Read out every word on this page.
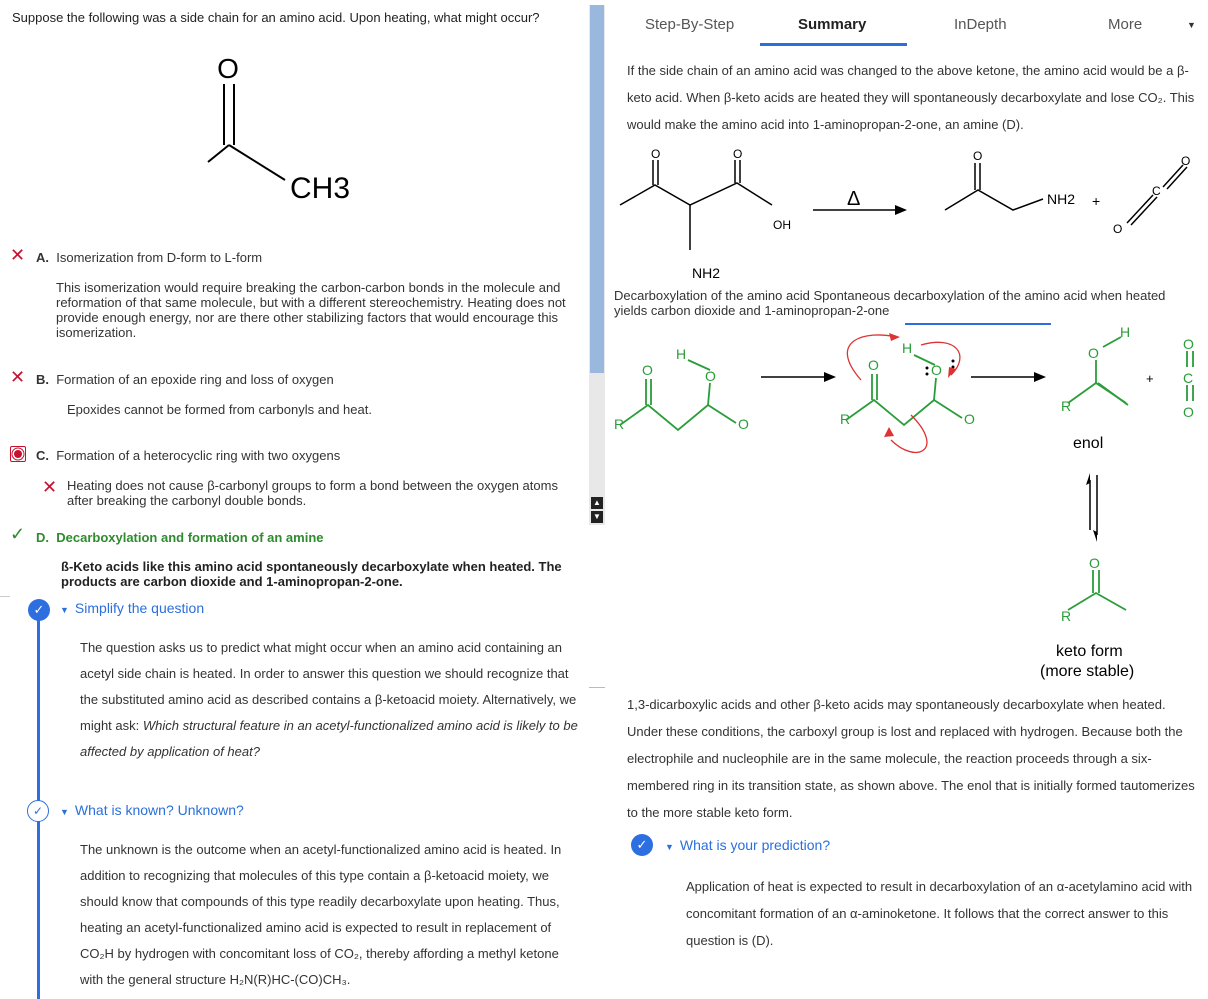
Suppose the following was a side chain for an amino acid. Upon heating, what might occur?
O
CH3
✕ A. Isomerization from D-form to L-form
This isomerization would require breaking the carbon-carbon bonds in the molecule and reformation of that same molecule, but with a different stereochemistry. Heating does not provide enough energy, nor are there other stabilizing factors that would encourage this isomerization.
✕ B. Formation of an epoxide ring and loss of oxygen
Epoxides cannot be formed from carbonyls and heat.
C. Formation of a heterocyclic ring with two oxygens
✕ Heating does not cause β-carbonyl groups to form a bond between the oxygen atoms after breaking the carbonyl double bonds.
✓ D. Decarboxylation and formation of an amine
ß-Keto acids like this amino acid spontaneously decarboxylate when heated. The products are carbon dioxide and 1-aminopropan-2-one.
✓	▼ Simplify the question
The question asks us to predict what might occur when an amino acid containing an acetyl side chain is heated. In order to answer this question we should recognize that the substituted amino acid as described contains a β-ketoacid moiety. Alternatively, we might ask: Which structural feature in an acetyl-functionalized amino acid is likely to be affected by application of heat?
✓	▼ What is known? Unknown?
The unknown is the outcome when an acetyl-functionalized amino acid is heated. In addition to recognizing that molecules of this type contain a β-ketoacid moiety, we should know that compounds of this type readily decarboxylate upon heating. Thus, heating an acetyl-functionalized amino acid is expected to result in replacement of CO₂H by hydrogen with concomitant loss of CO₂, thereby affording a methyl ketone with the general structure H₂N(R)HC-(CO)CH₃.
▲
▼
Step-By-Step	Summary	InDepth	More	▼
If the side chain of an amino acid was changed to the above ketone, the amino acid would be a β-keto acid. When β-keto acids are heated they will spontaneously decarboxylate and lose CO₂. This would make the amino acid into 1-aminopropan-2-one, an amine (D).
O	O
OH
NH2
Δ
O
NH2 +
O
C
O
Decarboxylation of the amino acid Spontaneous decarboxylation of the amino acid when heated yields carbon dioxide and 1-aminopropan-2-one
R
O	O
O
H
R
O	O
O
H
R
O
H
+
enol
O
C
O
R
O
keto form
(more stable)
1,3-dicarboxylic acids and other β-keto acids may spontaneously decarboxylate when heated. Under these conditions, the carboxyl group is lost and replaced with hydrogen. Because both the electrophile and nucleophile are in the same molecule, the reaction proceeds through a six-membered ring in its transition state, as shown above. The enol that is initially formed tautomerizes to the more stable keto form.
✓	▼ What is your prediction?
Application of heat is expected to result in decarboxylation of an α-acetylamino acid with concomitant formation of an α-aminoketone. It follows that the correct answer to this question is (D).
